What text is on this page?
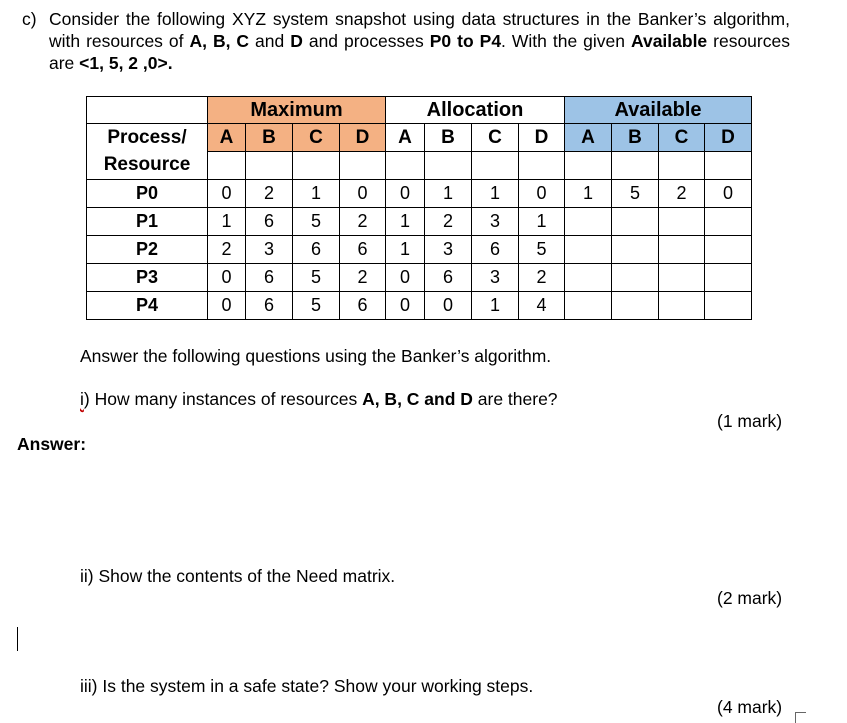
c) Consider the following XYZ system snapshot using data structures in the Banker’s algorithm, with resources of A, B, C and D and processes P0 to P4. With the given Available resources are <1, 5, 2 ,0>.
	Maximum				Allocation				Available			

Process/
Resource	A	B	C	D	A	B	C	D	A	B	C	D

P0	0	2	1	0	0	1	1	0	1	5	2	0
P1	1	6	5	2	1	2	3	1				
P2	2	3	6	6	1	3	6	5				
P3	0	6	5	2	0	6	3	2				
P4	0	6	5	6	0	0	1	4				
Answer the following questions using the Banker’s algorithm.
i) How many instances of resources A, B, C and D are there?
(1 mark)
Answer:
ii) Show the contents of the Need matrix.
(2 mark)
iii) Is the system in a safe state? Show your working steps.
(4 mark)
